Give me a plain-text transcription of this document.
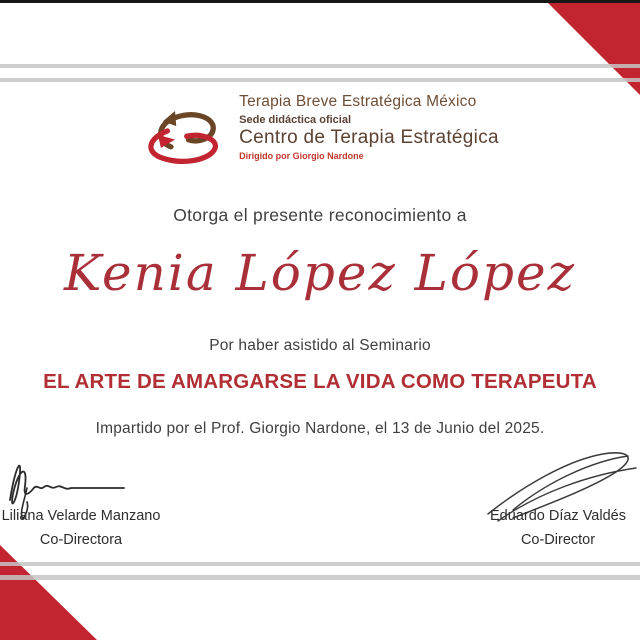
Terapia Breve Estratégica México
Sede didáctica oficial
Centro de Terapia Estratégica
Dirigido por Giorgio Nardone
Otorga el presente reconocimiento a
Kenia López López
Por haber asistido al Seminario
EL ARTE DE AMARGARSE LA VIDA COMO TERAPEUTA
Impartido por el Prof. Giorgio Nardone, el 13 de Junio del 2025.
Liliana Velarde Manzano
Co-Directora
Eduardo Díaz Valdés
Co-Director
